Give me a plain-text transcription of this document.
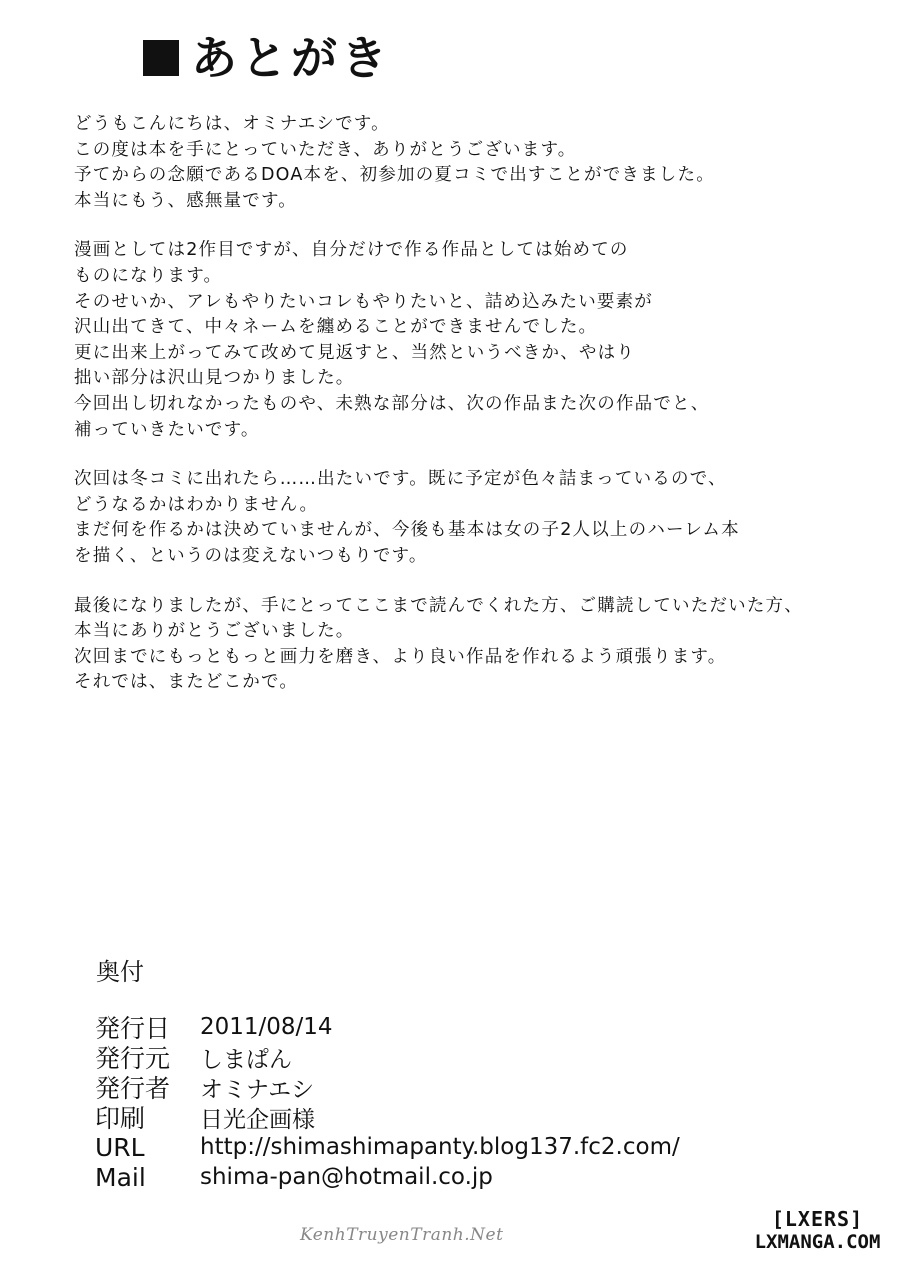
あとがき
どうもこんにちは、オミナエシです。
この度は本を手にとっていただき、ありがとうございます。
予てからの念願であるDOA本を、初参加の夏コミで出すことができました。
本当にもう、感無量です。
漫画としては2作目ですが、自分だけで作る作品としては始めての
ものになります。
そのせいか、アレもやりたいコレもやりたいと、詰め込みたい要素が
沢山出てきて、中々ネームを纏めることができませんでした。
更に出来上がってみて改めて見返すと、当然というべきか、やはり
拙い部分は沢山見つかりました。
今回出し切れなかったものや、未熟な部分は、次の作品また次の作品でと、
補っていきたいです。
次回は冬コミに出れたら……出たいです。既に予定が色々詰まっているので、
どうなるかはわかりません。
まだ何を作るかは決めていませんが、今後も基本は女の子2人以上のハーレム本
を描く、というのは変えないつもりです。
最後になりましたが、手にとってここまで読んでくれた方、ご購読していただいた方、
本当にありがとうございました。
次回までにもっともっと画力を磨き、より良い作品を作れるよう頑張ります。
それでは、またどこかで。
奥付
発行日	2011/08/14
発行元	しまぱん
発行者	オミナエシ
印刷	日光企画様
URL	http://shimashimapanty.blog137.fc2.com/
Mail	shima-pan@hotmail.co.jp
KenhTruyenTranh.Net
[LXERS]
LXMANGA.COM
